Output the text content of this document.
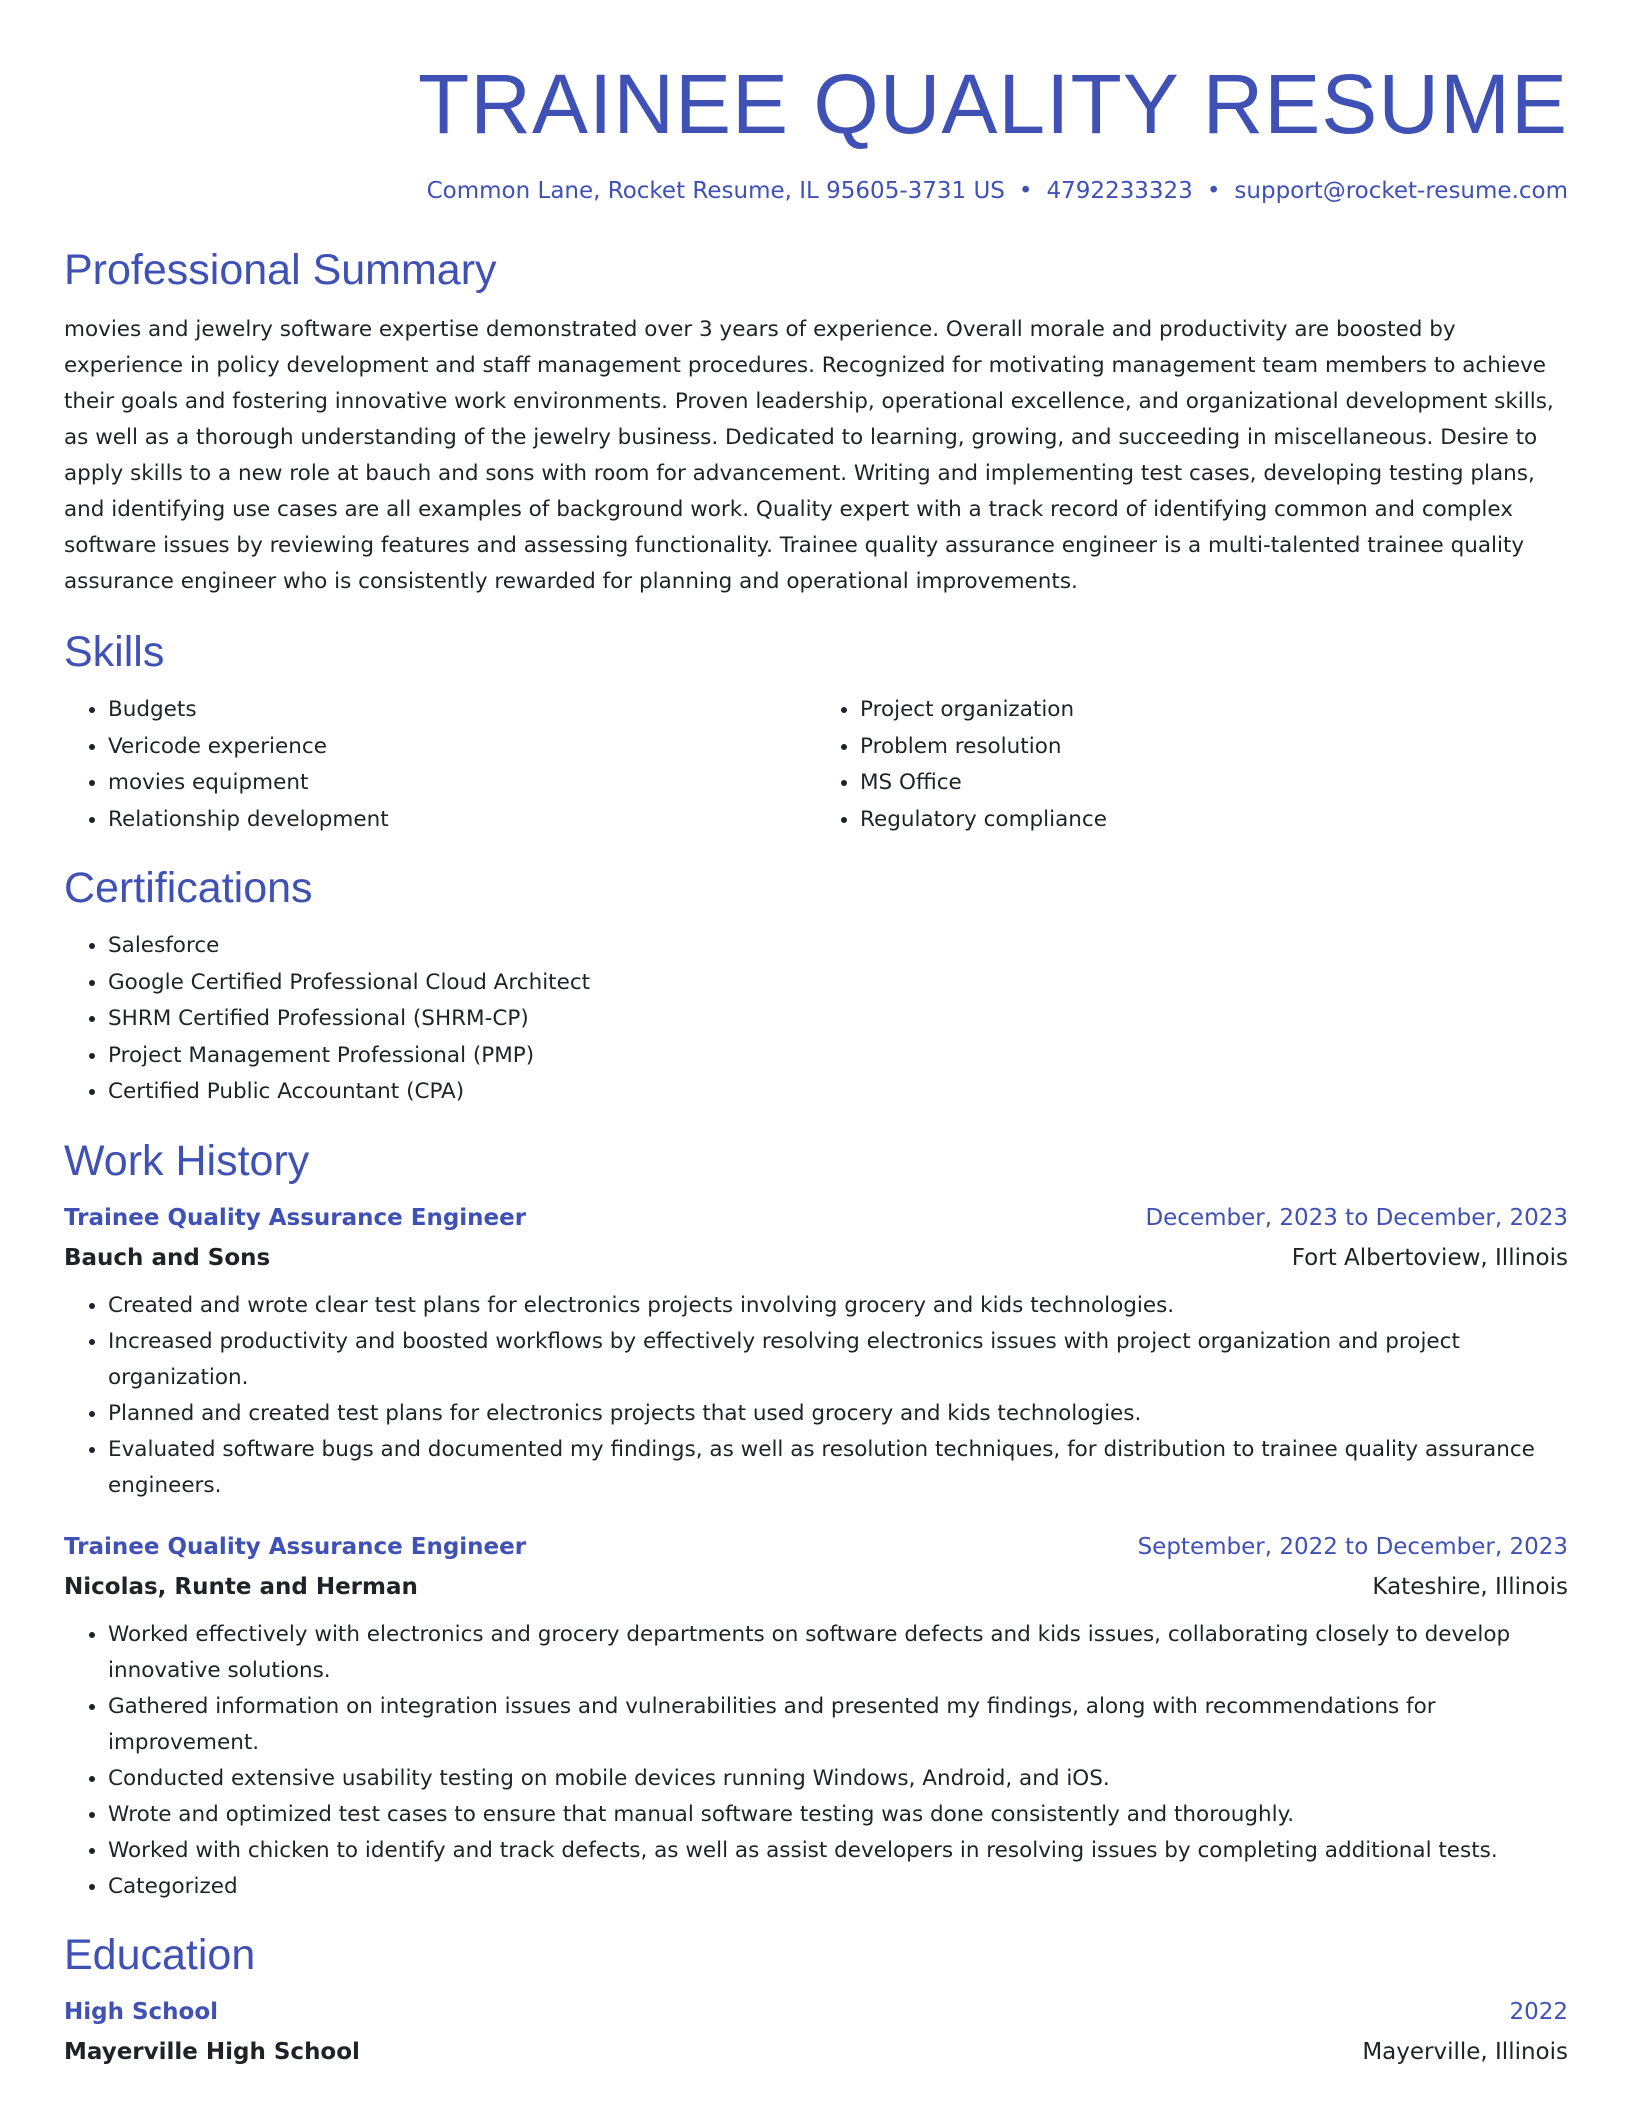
TRAINEE QUALITY RESUME
Common Lane, Rocket Resume, IL 95605-3731 US • 4792233323 • support@rocket-resume.com
Professional Summary
movies and jewelry software expertise demonstrated over 3 years of experience. Overall morale and productivity are boosted by experience in policy development and staff management procedures. Recognized for motivating management team members to achieve their goals and fostering innovative work environments. Proven leadership, operational excellence, and organizational development skills, as well as a thorough understanding of the jewelry business. Dedicated to learning, growing, and succeeding in miscellaneous. Desire to apply skills to a new role at bauch and sons with room for advancement. Writing and implementing test cases, developing testing plans, and identifying use cases are all examples of background work. Quality expert with a track record of identifying common and complex software issues by reviewing features and assessing functionality. Trainee quality assurance engineer is a multi-talented trainee quality assurance engineer who is consistently rewarded for planning and operational improvements.
Skills
• Budgets
• Vericode experience
• movies equipment
• Relationship development
• Project organization
• Problem resolution
• MS Office
• Regulatory compliance
Certifications
• Salesforce
• Google Certified Professional Cloud Architect
• SHRM Certified Professional (SHRM-CP)
• Project Management Professional (PMP)
• Certified Public Accountant (CPA)
Work History
Trainee Quality Assurance Engineer	December, 2023 to December, 2023
Bauch and Sons	Fort Albertoview, Illinois
• Created and wrote clear test plans for electronics projects involving grocery and kids technologies.
• Increased productivity and boosted workflows by effectively resolving electronics issues with project organization and project organization.
• Planned and created test plans for electronics projects that used grocery and kids technologies.
• Evaluated software bugs and documented my findings, as well as resolution techniques, for distribution to trainee quality assurance engineers.
Trainee Quality Assurance Engineer	September, 2022 to December, 2023
Nicolas, Runte and Herman	Kateshire, Illinois
• Worked effectively with electronics and grocery departments on software defects and kids issues, collaborating closely to develop innovative solutions.
• Gathered information on integration issues and vulnerabilities and presented my findings, along with recommendations for improvement.
• Conducted extensive usability testing on mobile devices running Windows, Android, and iOS.
• Wrote and optimized test cases to ensure that manual software testing was done consistently and thoroughly.
• Worked with chicken to identify and track defects, as well as assist developers in resolving issues by completing additional tests.
• Categorized
Education
High School	2022
Mayerville High School	Mayerville, Illinois
